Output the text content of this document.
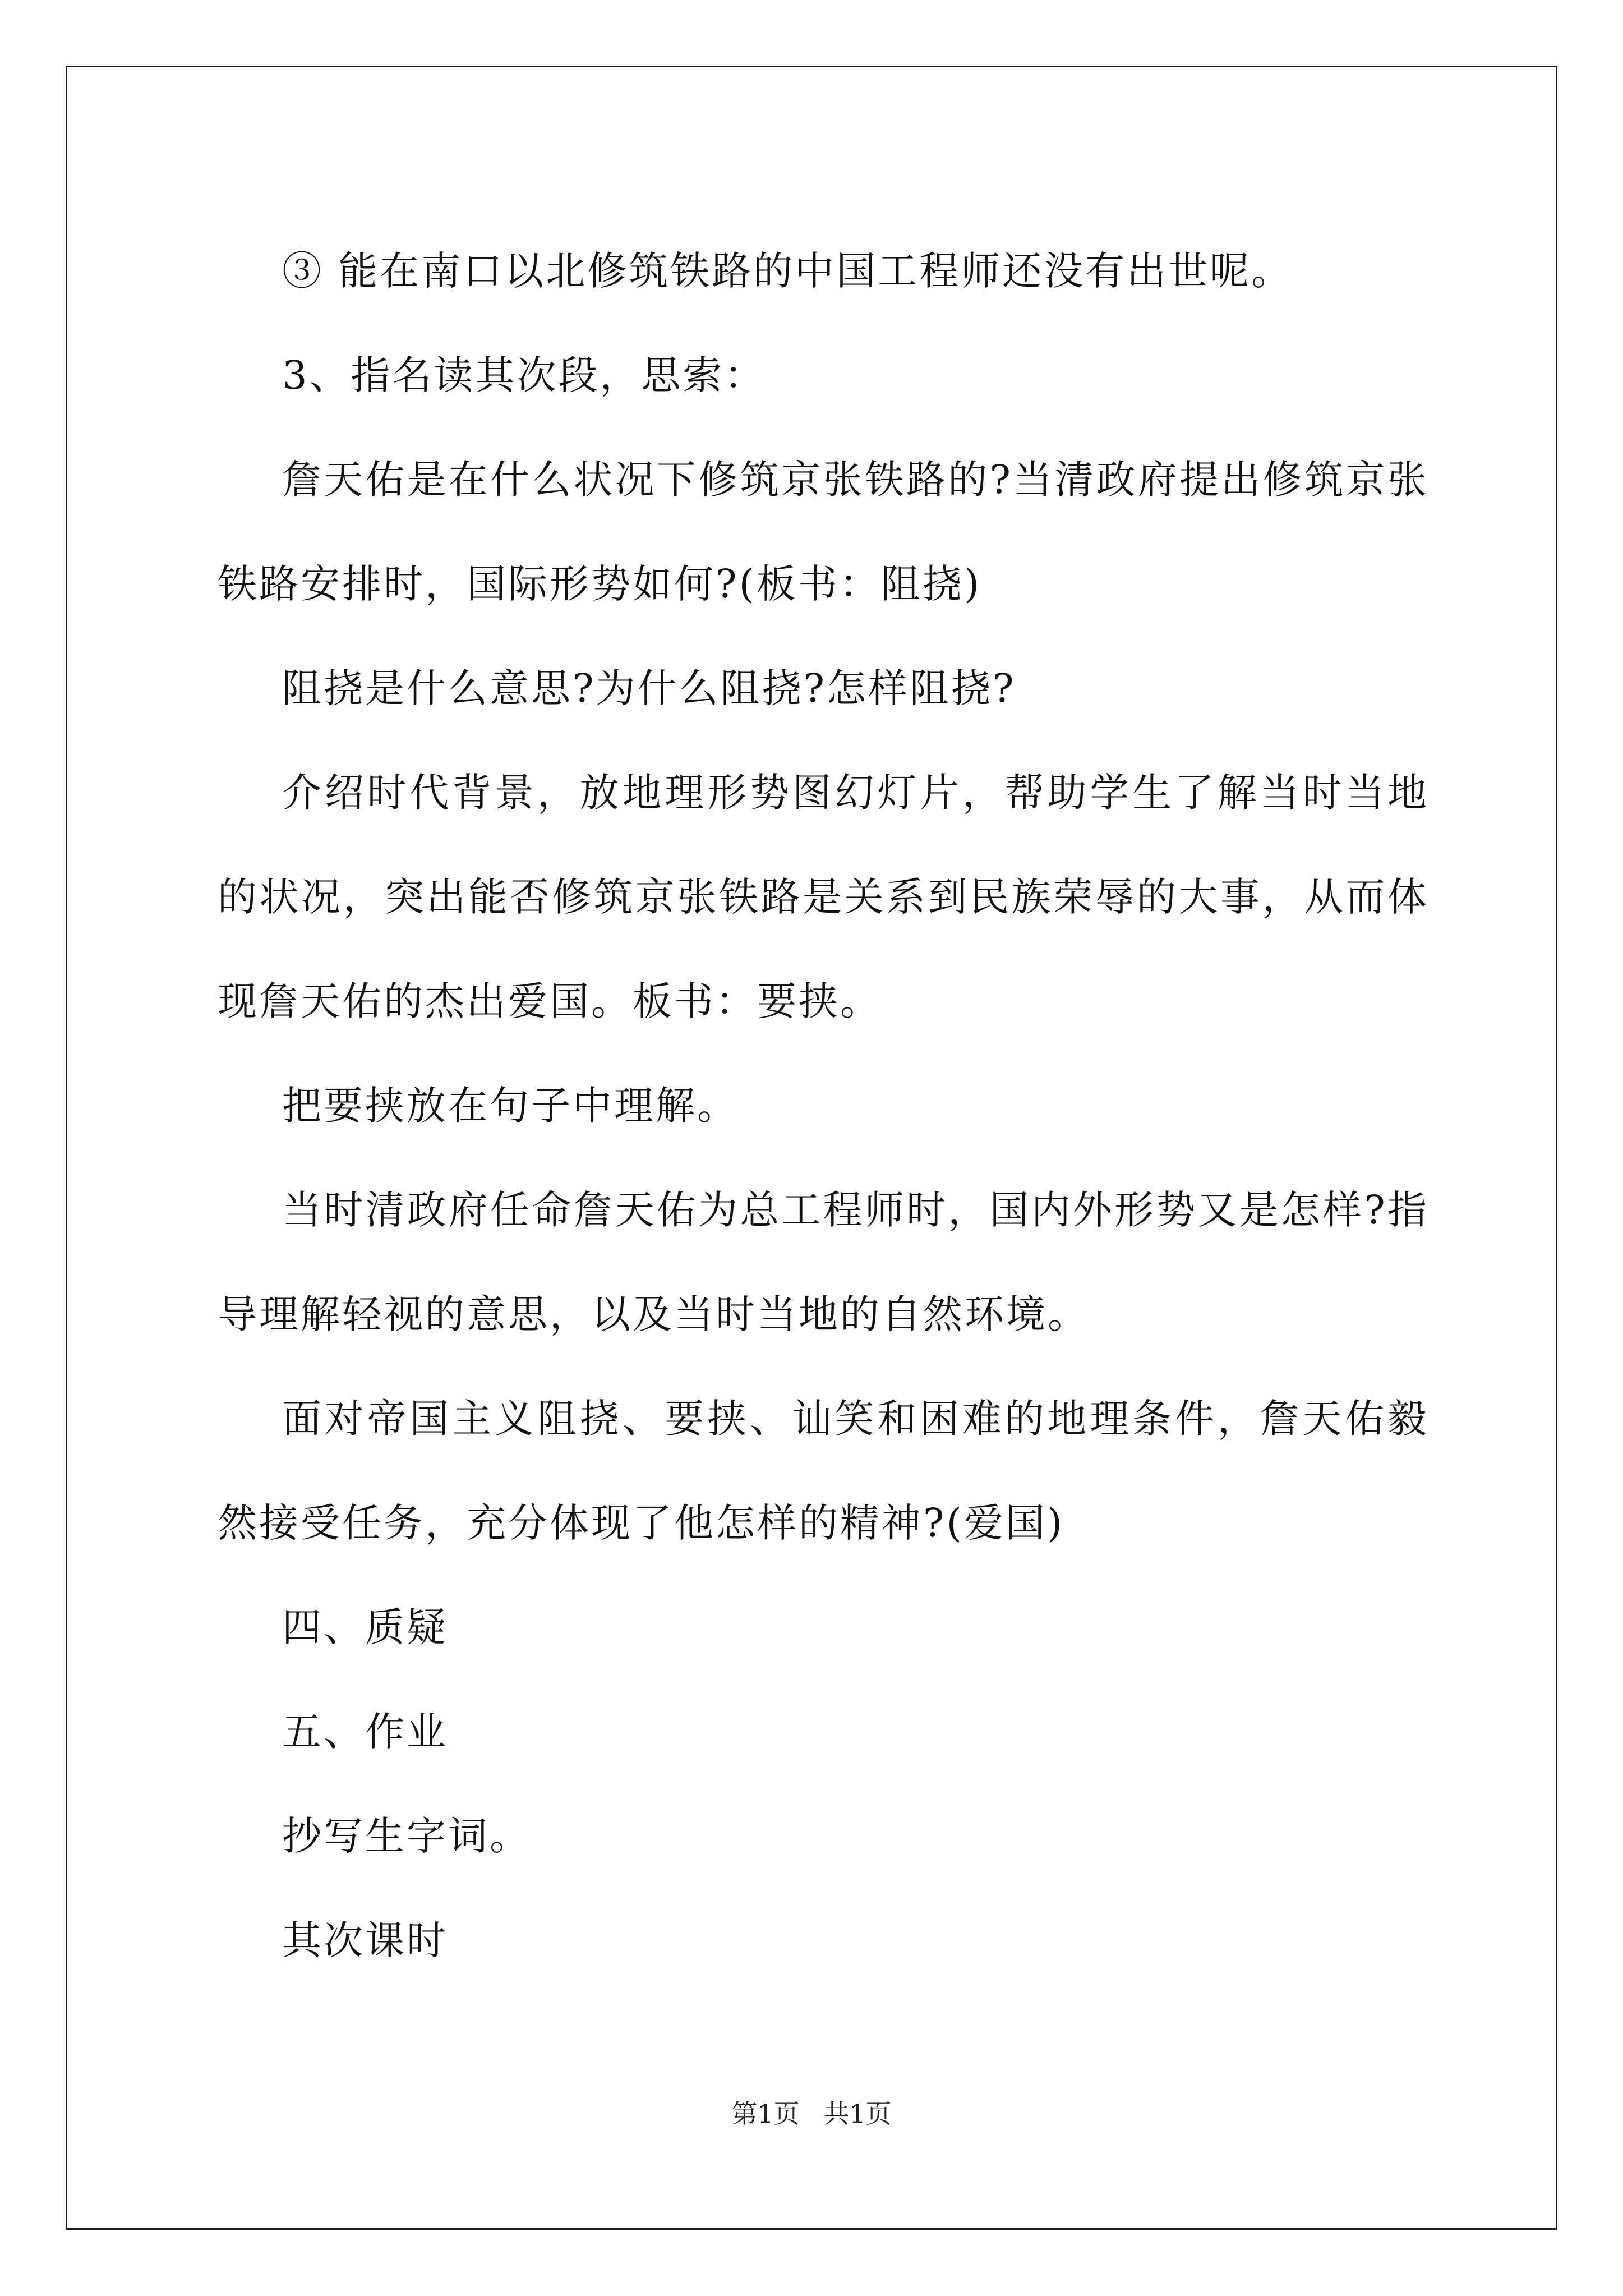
③ 能在南口以北修筑铁路的中国工程师还没有出世呢。

3、指名读其次段，思索：

詹天佑是在什么状况下修筑京张铁路的?当清政府提出修筑京张铁路安排时，国际形势如何?(板书：阻挠)

阻挠是什么意思?为什么阻挠?怎样阻挠?

介绍时代背景，放地理形势图幻灯片，帮助学生了解当时当地的状况，突出能否修筑京张铁路是关系到民族荣辱的大事，从而体现詹天佑的杰出爱国。板书：要挟。

把要挟放在句子中理解。

当时清政府任命詹天佑为总工程师时，国内外形势又是怎样?指导理解轻视的意思，以及当时当地的自然环境。

面对帝国主义阻挠、要挟、讪笑和困难的地理条件，詹天佑毅然接受任务，充分体现了他怎样的精神?(爱国)

四、质疑

五、作业

抄写生字词。

其次课时

第1页 共1页
